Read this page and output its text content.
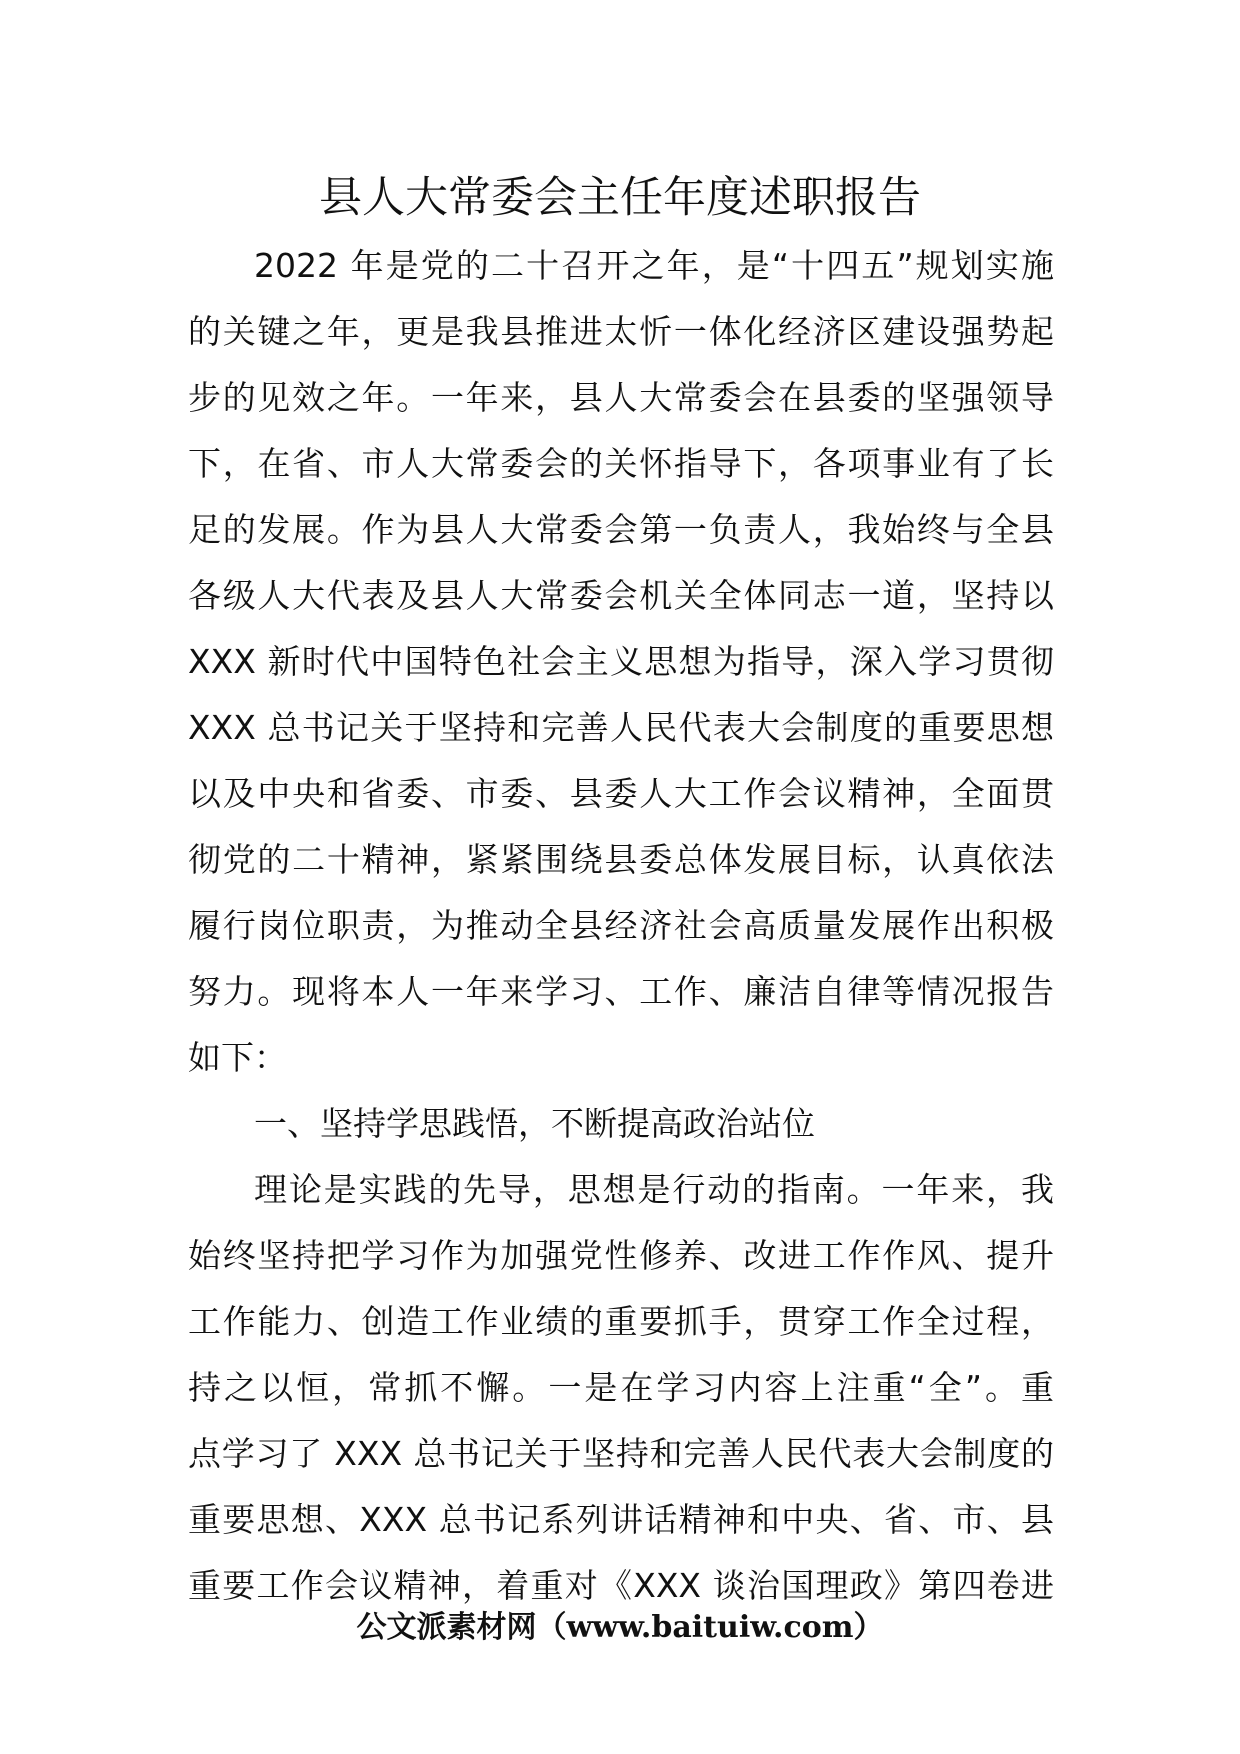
县人大常委会主任年度述职报告
2022 年是党的二十召开之年，是“十四五”规划实施
的关键之年，更是我县推进太忻一体化经济区建设强势起
步的见效之年。一年来，县人大常委会在县委的坚强领导
下，在省、市人大常委会的关怀指导下，各项事业有了长
足的发展。作为县人大常委会第一负责人，我始终与全县
各级人大代表及县人大常委会机关全体同志一道，坚持以
XXX 新时代中国特色社会主义思想为指导，深入学习贯彻
XXX 总书记关于坚持和完善人民代表大会制度的重要思想
以及中央和省委、市委、县委人大工作会议精神，全面贯
彻党的二十精神，紧紧围绕县委总体发展目标，认真依法
履行岗位职责，为推动全县经济社会高质量发展作出积极
努力。现将本人一年来学习、工作、廉洁自律等情况报告
如下：
一、坚持学思践悟，不断提高政治站位
理论是实践的先导，思想是行动的指南。一年来，我
始终坚持把学习作为加强党性修养、改进工作作风、提升
工作能力、创造工作业绩的重要抓手，贯穿工作全过程，
持之以恒，常抓不懈。一是在学习内容上注重“全”。重
点学习了 XXX 总书记关于坚持和完善人民代表大会制度的
重要思想、XXX 总书记系列讲话精神和中央、省、市、县
重要工作会议精神，着重对《XXX 谈治国理政》第四卷进
公文派素材网（www.baituiw.com）
